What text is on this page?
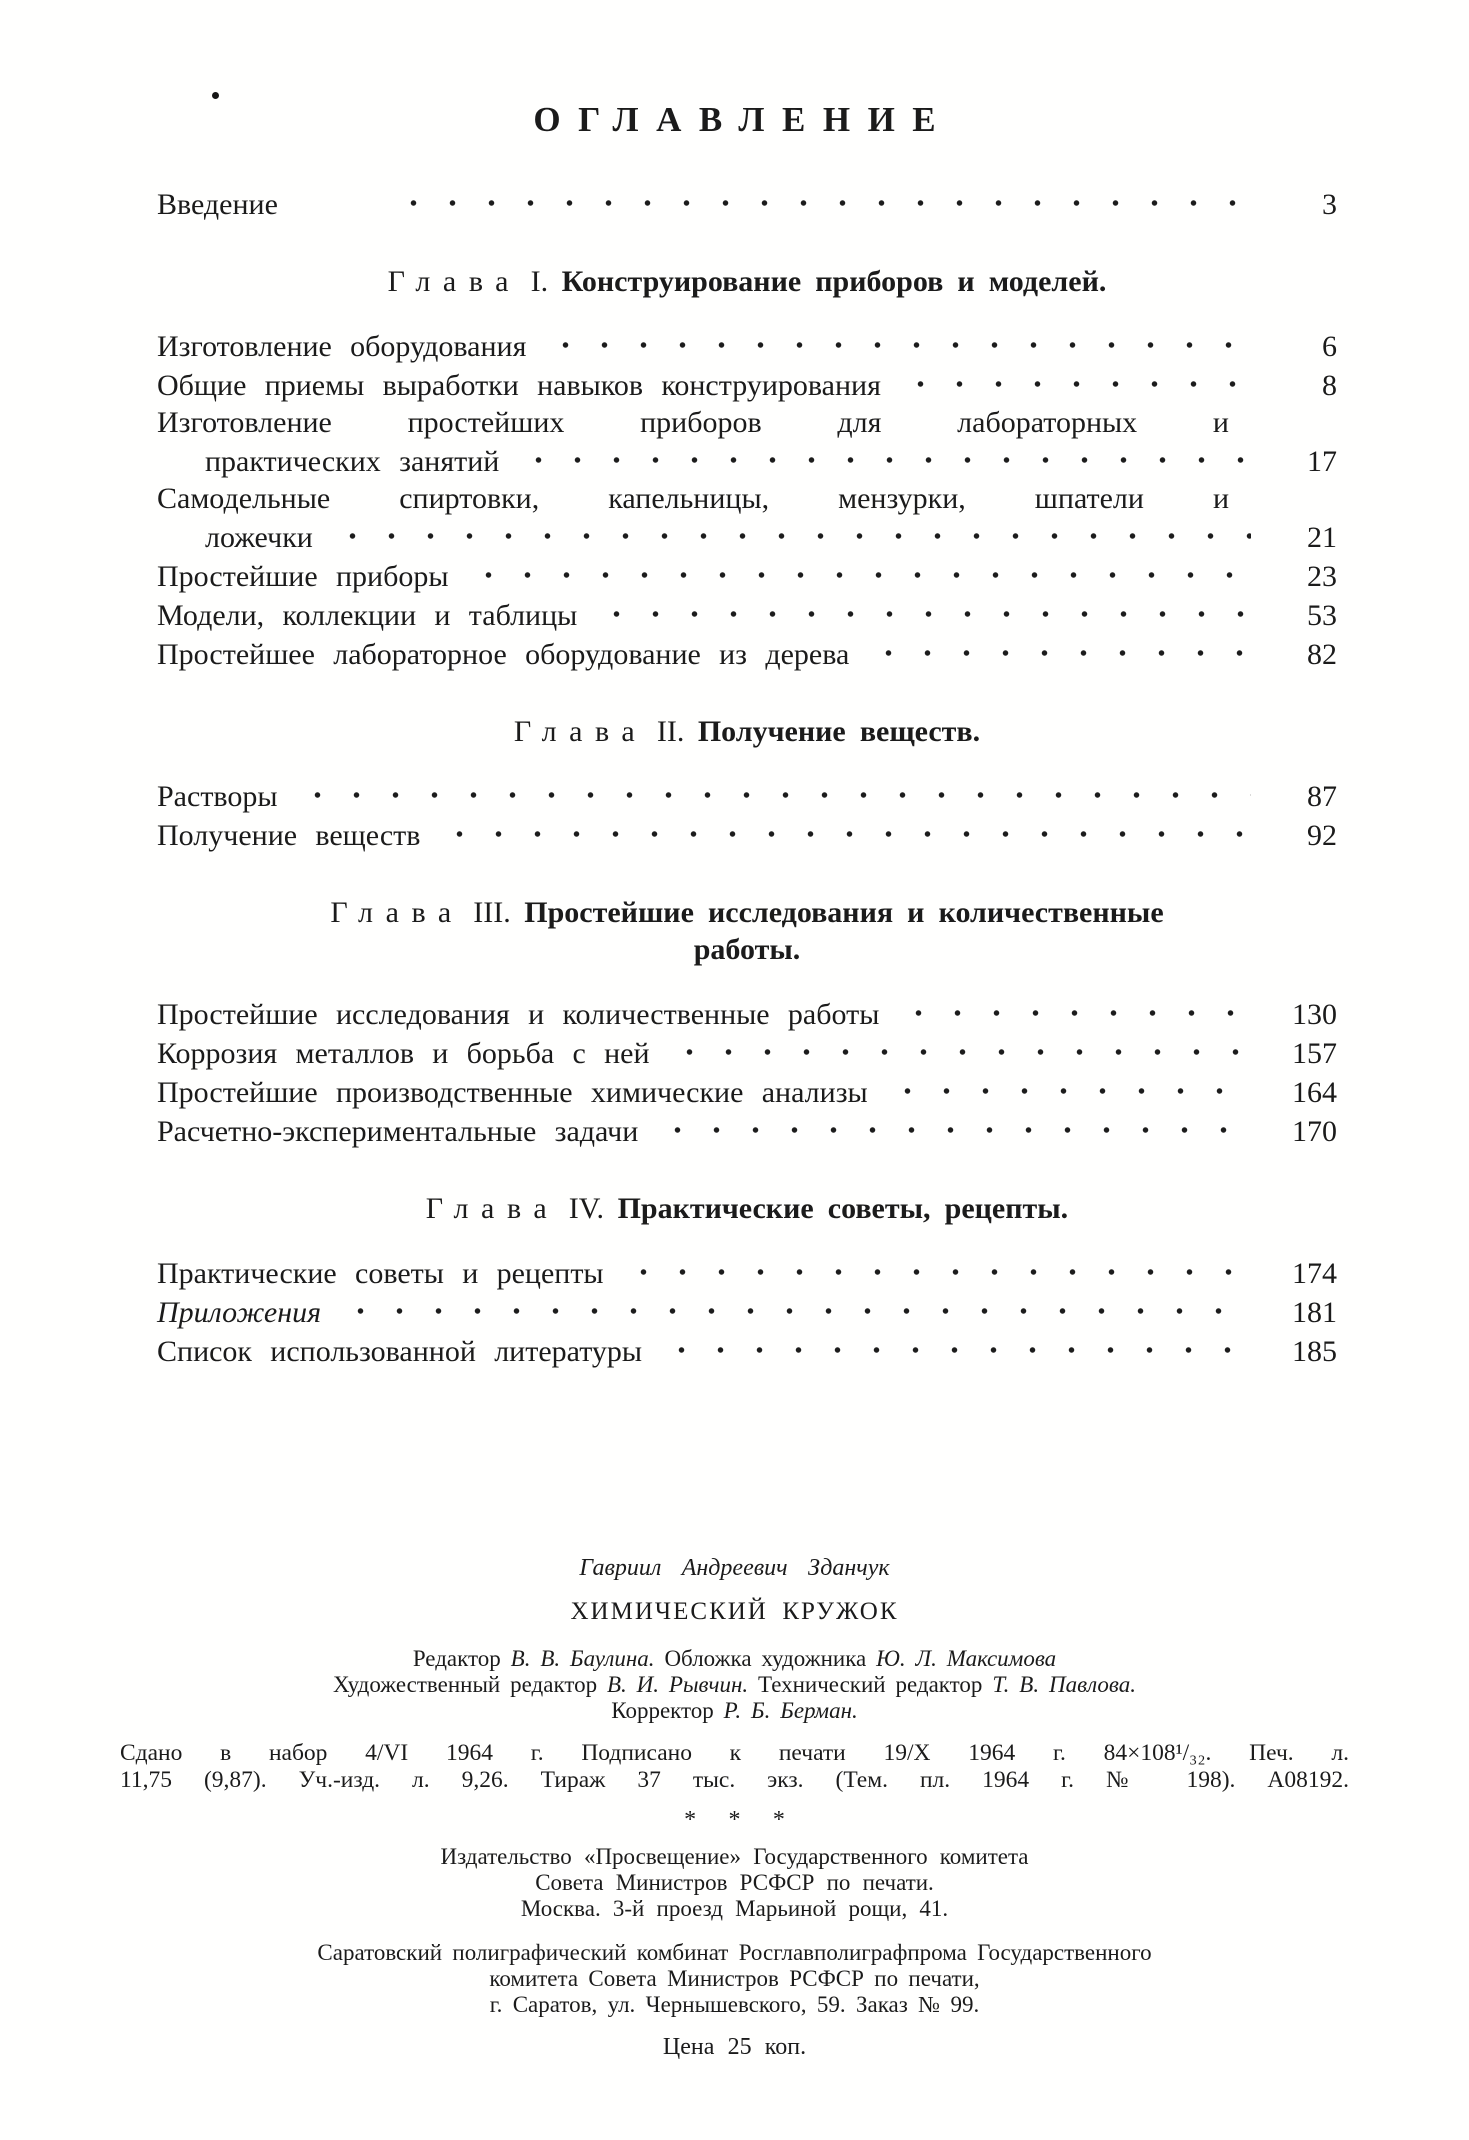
ОГЛАВЛЕНИЕ
Введение	3
Глава I. Конструирование приборов и моделей.
Изготовление оборудования	6
Общие приемы выработки навыков конструирования	8
Изготовление простейших приборов для лабораторных и
практических занятий	17
Самодельные спиртовки, капельницы, мензурки, шпатели и
ложечки	21
Простейшие приборы	23
Модели, коллекции и таблицы	53
Простейшее лабораторное оборудование из дерева	82
Глава II. Получение веществ.
Растворы	87
Получение веществ	92
Глава III. Простейшие исследования и количественные
работы.
Простейшие исследования и количественные работы	130
Коррозия металлов и борьба с ней	157
Простейшие производственные химические анализы	164
Расчетно-экспериментальные задачи	170
Глава IV. Практические советы, рецепты.
Практические советы и рецепты	174
Приложения	181
Список использованной литературы	185
Гавриил Андреевич Зданчук
ХИМИЧЕСКИЙ КРУЖОК
Редактор В. В. Баулина. Обложка художника Ю. Л. Максимова
Художественный редактор В. И. Рывчин. Технический редактор Т. В. Павлова.
Корректор Р. Б. Берман.
Сдано в набор 4/VI 1964 г. Подписано к печати 19/X 1964 г. 84×108¹/₃₂. Печ. л.
11,75 (9,87). Уч.-изд. л. 9,26. Тираж 37 тыс. экз. (Тем. пл. 1964 г. № 198). А08192.
* * *
Издательство «Просвещение» Государственного комитета
Совета Министров РСФСР по печати.
Москва. 3-й проезд Марьиной рощи, 41.
Саратовский полиграфический комбинат Росглавполиграфпрома Государственного
комитета Совета Министров РСФСР по печати,
г. Саратов, ул. Чернышевского, 59. Заказ № 99.
Цена 25 коп.
